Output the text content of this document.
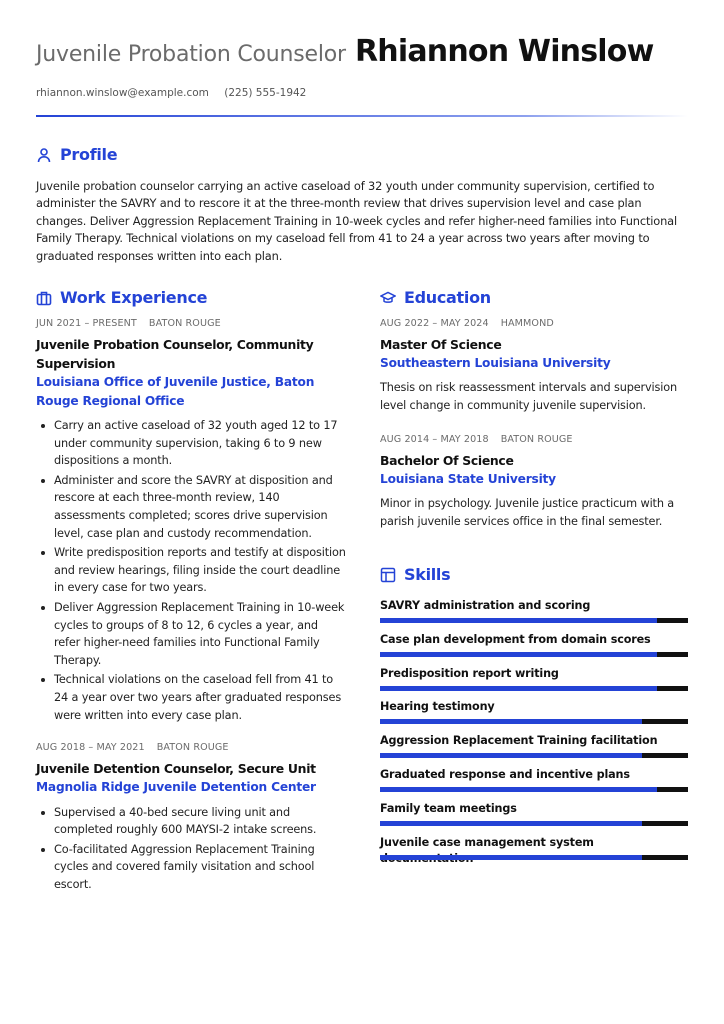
Juvenile Probation Counselor Rhiannon Winslow
rhiannon.winslow@example.com (225) 555-1942
Profile

Juvenile probation counselor carrying an active caseload of 32 youth under community supervision, certified to administer the SAVRY and to rescore it at the three-month review that drives supervision level and case plan changes. Deliver Aggression Replacement Training in 10-week cycles and refer higher-need families into Functional Family Therapy. Technical violations on my caseload fell from 41 to 24 a year across two years after moving to graduated responses written into each plan.

Work Experience
JUN 2021 – PRESENT BATON ROUGE
Juvenile Probation Counselor, Community Supervision
Louisiana Office of Juvenile Justice, Baton Rouge Regional Office
Carry an active caseload of 32 youth aged 12 to 17 under community supervision, taking 6 to 9 new dispositions a month.
Administer and score the SAVRY at disposition and rescore at each three-month review, 140 assessments completed; scores drive supervision level, case plan and custody recommendation.
Write predisposition reports and testify at disposition and review hearings, filing inside the court deadline in every case for two years.
Deliver Aggression Replacement Training in 10-week cycles to groups of 8 to 12, 6 cycles a year, and refer higher-need families into Functional Family Therapy.
Technical violations on the caseload fell from 41 to 24 a year over two years after graduated responses were written into every case plan.
AUG 2018 – MAY 2021 BATON ROUGE
Juvenile Detention Counselor, Secure Unit
Magnolia Ridge Juvenile Detention Center
Supervised a 40-bed secure living unit and completed roughly 600 MAYSI-2 intake screens.
Co-facilitated Aggression Replacement Training cycles and covered family visitation and school escort.
Education
AUG 2022 – MAY 2024 HAMMOND
Master Of Science
Southeastern Louisiana University
Thesis on risk reassessment intervals and supervision level change in community juvenile supervision.
AUG 2014 – MAY 2018 BATON ROUGE
Bachelor Of Science
Louisiana State University
Minor in psychology. Juvenile justice practicum with a parish juvenile services office in the final semester.
Skills
SAVRY administration and scoring
Case plan development from domain scores
Predisposition report writing
Hearing testimony
Aggression Replacement Training facilitation
Graduated response and incentive plans
Family team meetings
Juvenile case management system
